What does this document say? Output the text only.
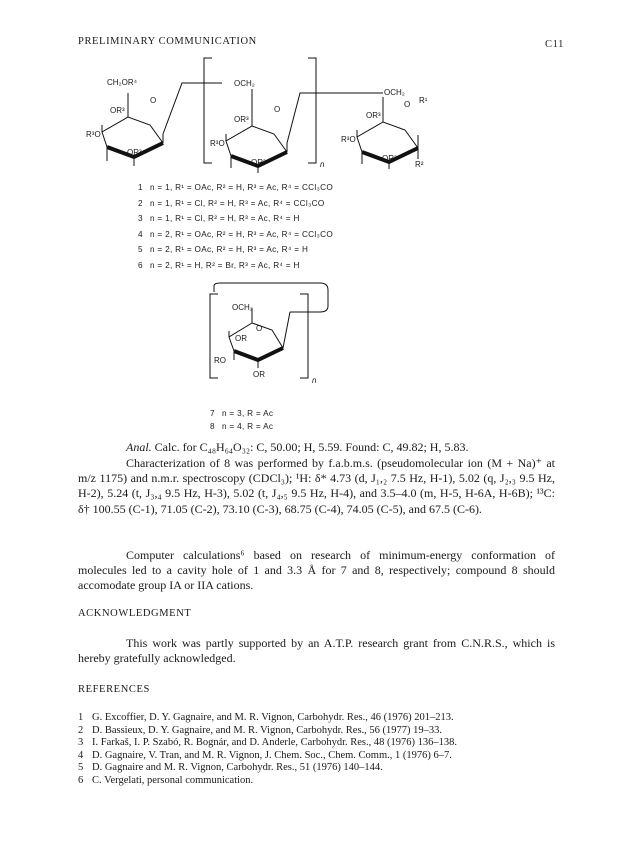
PRELIMINARY COMMUNICATION	C11
CH₂OR⁴
O
OR³
R³O
OR³
n
OCH₂
O
OR³
R³O
OR³
OCH₂
O R¹
OR³
R³O
R²
OR³
1 n = 1, R¹ = OAc, R² = H, R³ = Ac, R⁴ = CCl₃CO
2 n = 1, R¹ = Cl, R² = H, R³ = Ac, R⁴ = CCl₃CO
3 n = 1, R¹ = Cl, R² = H, R³ = Ac, R⁴ = H
4 n = 2, R¹ = OAc, R² = H, R³ = Ac, R⁴ = CCl₃CO
5 n = 2, R¹ = OAc, R² = H, R³ = Ac, R⁴ = H
6 n = 2, R¹ = H, R² = Br, R³ = Ac, R⁴ = H
n
OCH₂
O
OR
RO
OR
7 n = 3, R = Ac
8 n = 4, R = Ac
Anal. Calc. for C₄₈H₆₄O₃₂: C, 50.00; H, 5.59. Found: C, 49.82; H, 5.83.
Characterization of 8 was performed by f.a.b.m.s. (pseudomolecular ion (M + Na)⁺ at m/z 1175) and n.m.r. spectroscopy (CDCl₃); ¹H: δ* 4.73 (d, J₁,₂ 7.5 Hz, H-1), 5.02 (q, J₂,₃ 9.5 Hz, H-2), 5.24 (t, J₃,₄ 9.5 Hz, H-3), 5.02 (t, J₄,₅ 9.5 Hz, H-4), and 3.5–4.0 (m, H-5, H-6A, H-6B); ¹³C: δ† 100.55 (C-1), 71.05 (C-2), 73.10 (C-3), 68.75 (C-4), 74.05 (C-5), and 67.5 (C-6).
Computer calculations⁶ based on research of minimum-energy conformation of molecules led to a cavity hole of 1 and 3.3 Å for 7 and 8, respectively; compound 8 should accomodate group IA or IIA cations.
ACKNOWLEDGMENT
This work was partly supported by an A.T.P. research grant from C.N.R.S., which is hereby gratefully acknowledged.
REFERENCES
1 G. Excoffier, D. Y. Gagnaire, and M. R. Vignon, Carbohydr. Res., 46 (1976) 201–213.
2 D. Bassieux, D. Y. Gagnaire, and M. R. Vignon, Carbohydr. Res., 56 (1977) 19–33.
3 I. Farkaš, I. P. Szabó, R. Bognár, and D. Anderle, Carbohydr. Res., 48 (1976) 136–138.
4 D. Gagnaire, V. Tran, and M. R. Vignon, J. Chem. Soc., Chem. Comm., 1 (1976) 6–7.
5 D. Gagnaire and M. R. Vignon, Carbohydr. Res., 51 (1976) 140–144.
6 C. Vergelati, personal communication.
